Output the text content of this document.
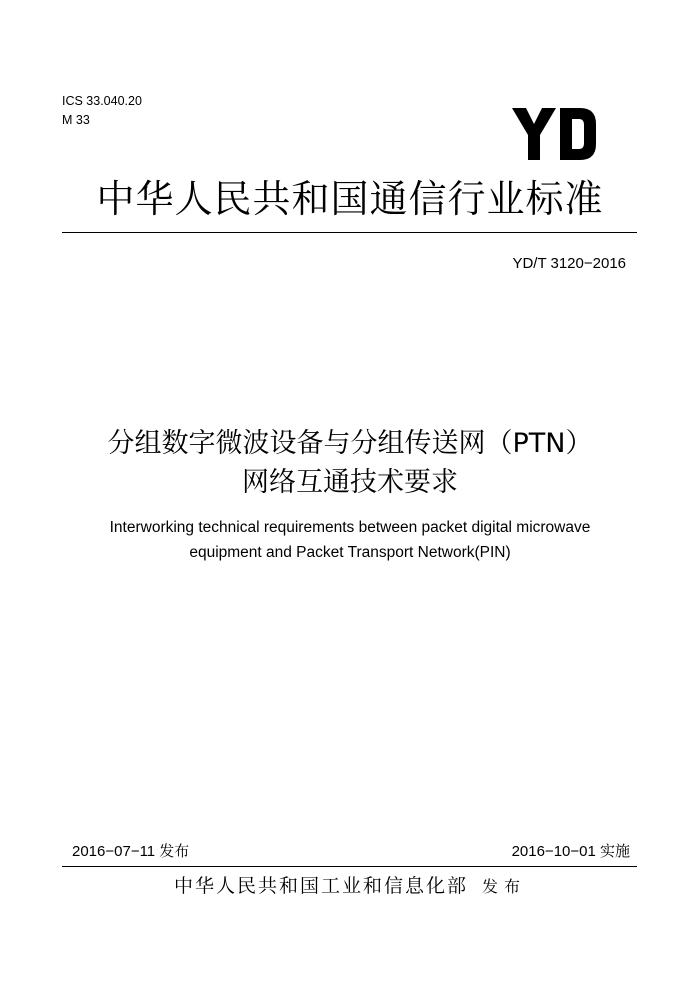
ICS 33.040.20
M 33
中华人民共和国通信行业标准
YD/T 3120−2016
分组数字微波设备与分组传送网（PTN）
网络互通技术要求
Interworking technical requirements between packet digital microwave
equipment and Packet Transport Network(PIN)
2016−07−11 发布	2016−10−01 实施
中华人民共和国工业和信息化部 发布
